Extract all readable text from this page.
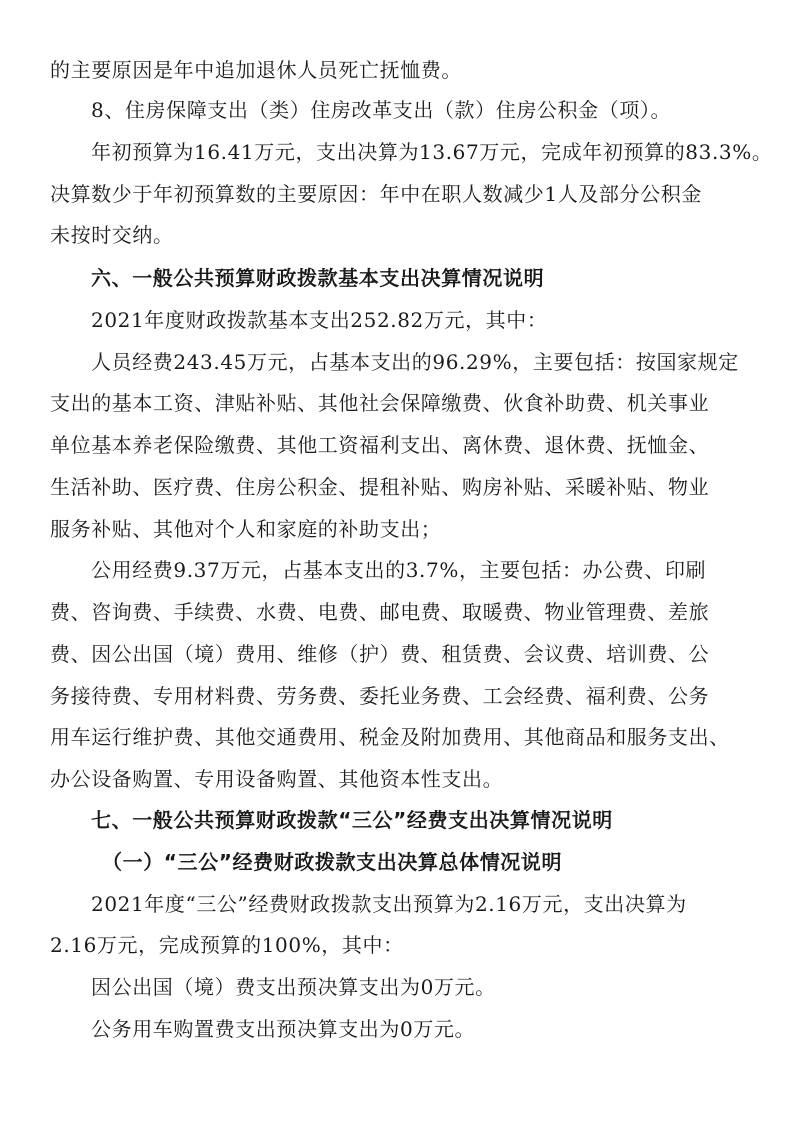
的主要原因是年中追加退休人员死亡抚恤费。
8、住房保障支出（类）住房改革支出（款）住房公积金（项）。
年初预算为16.41万元，支出决算为13.67万元，完成年初预算的83.3%。
决算数少于年初预算数的主要原因：年中在职人数减少1人及部分公积金
未按时交纳。
六、一般公共预算财政拨款基本支出决算情况说明
2021年度财政拨款基本支出252.82万元，其中：
人员经费243.45万元，占基本支出的96.29%，主要包括：按国家规定
支出的基本工资、津贴补贴、其他社会保障缴费、伙食补助费、机关事业
单位基本养老保险缴费、其他工资福利支出、离休费、退休费、抚恤金、
生活补助、医疗费、住房公积金、提租补贴、购房补贴、采暖补贴、物业
服务补贴、其他对个人和家庭的补助支出；
公用经费9.37万元，占基本支出的3.7%，主要包括：办公费、印刷
费、咨询费、手续费、水费、电费、邮电费、取暖费、物业管理费、差旅
费、因公出国（境）费用、维修（护）费、租赁费、会议费、培训费、公
务接待费、专用材料费、劳务费、委托业务费、工会经费、福利费、公务
用车运行维护费、其他交通费用、税金及附加费用、其他商品和服务支出、
办公设备购置、专用设备购置、其他资本性支出。
七、一般公共预算财政拨款“三公”经费支出决算情况说明
（一）“三公”经费财政拨款支出决算总体情况说明
2021年度“三公”经费财政拨款支出预算为2.16万元，支出决算为
2.16万元，完成预算的100%，其中：
因公出国（境）费支出预决算支出为0万元。
公务用车购置费支出预决算支出为0万元。
